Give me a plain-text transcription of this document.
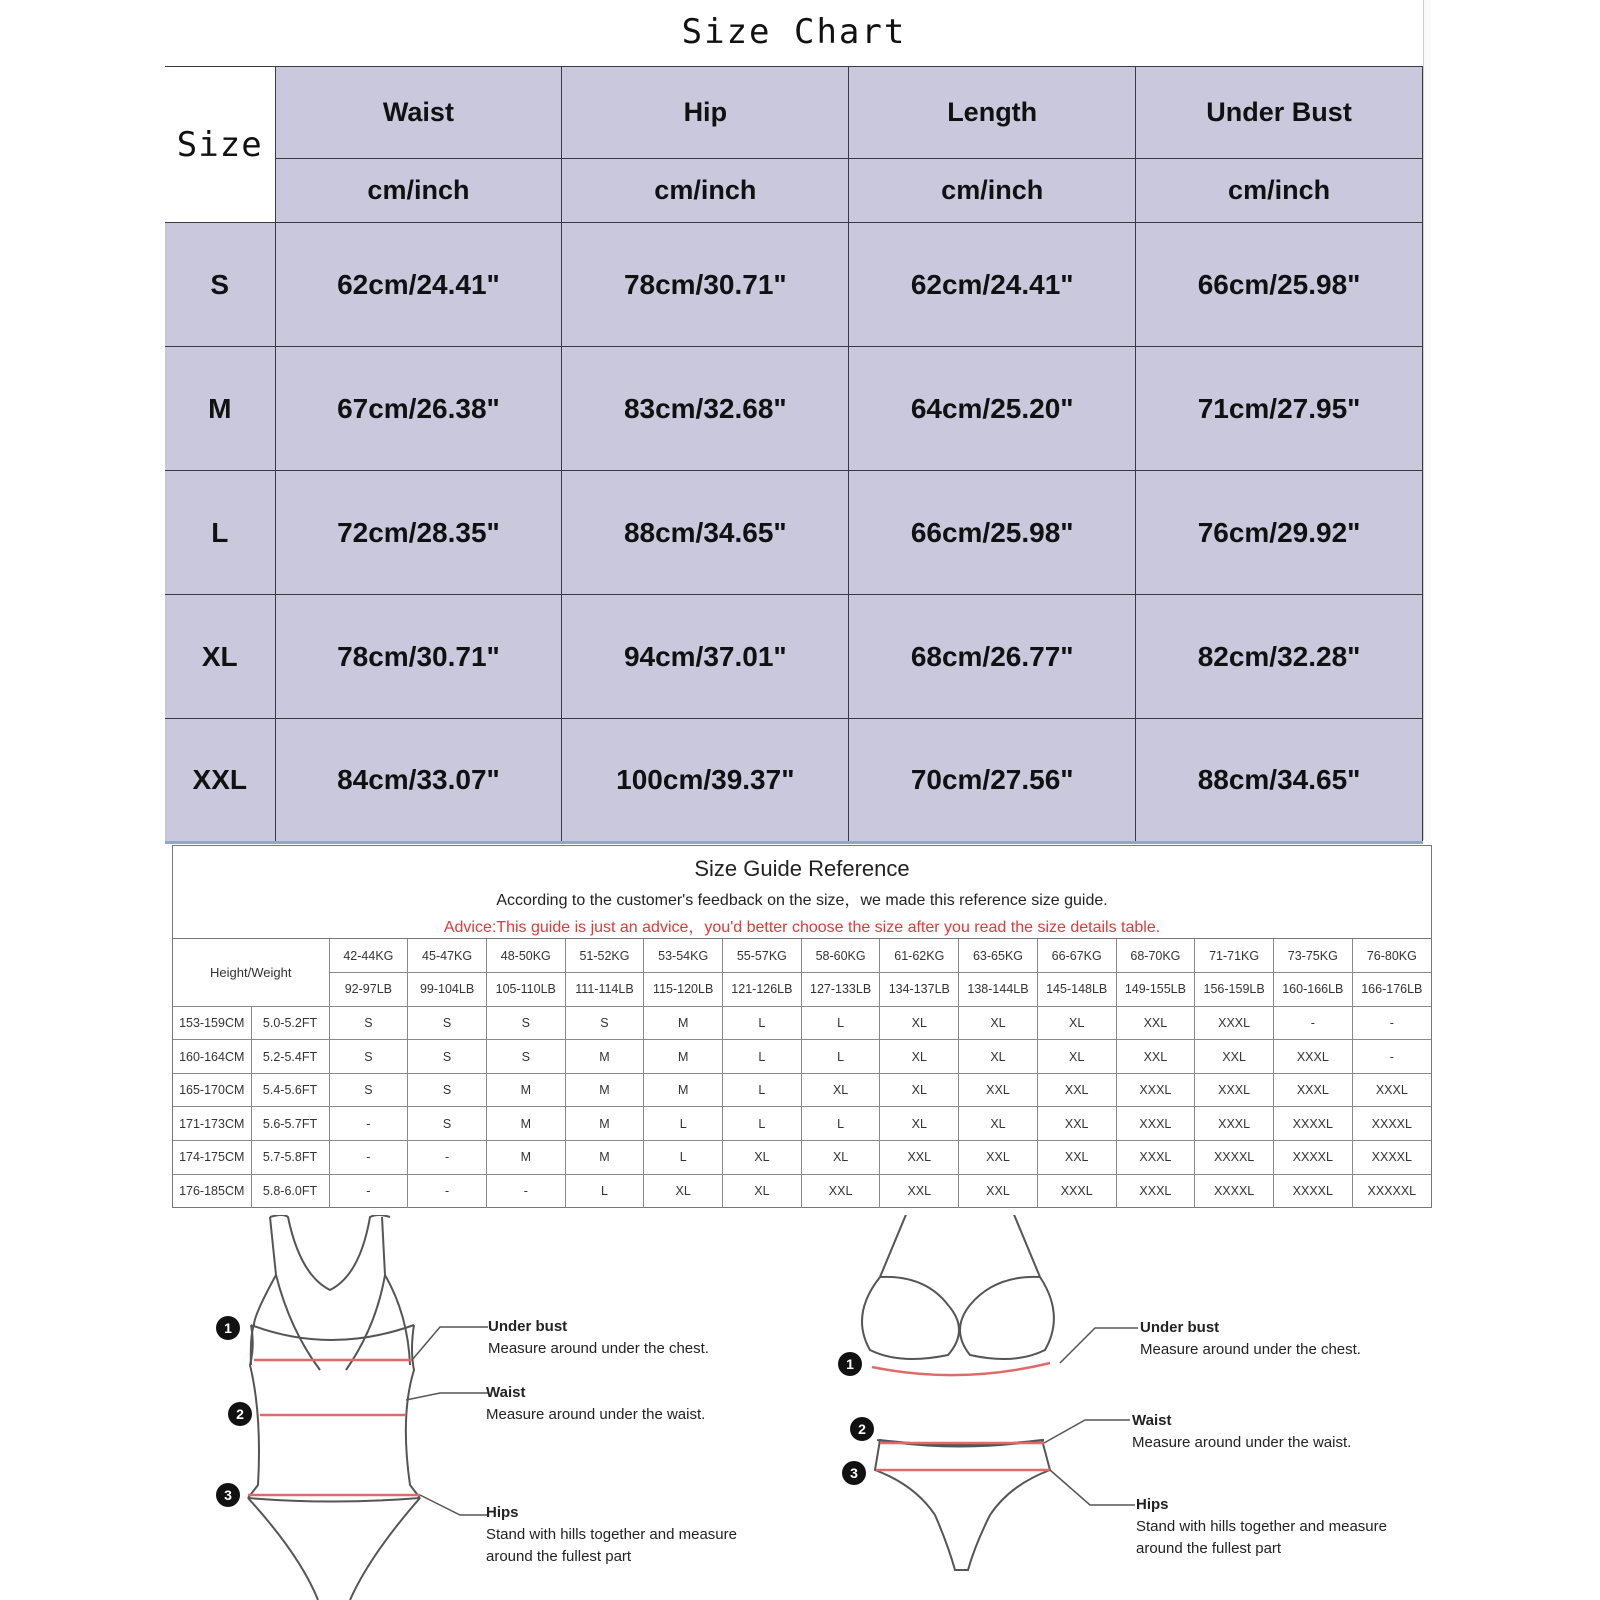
Size Chart
Size	Waist	Hip	Length	Under Bust
	cm/inch	cm/inch	cm/inch	cm/inch
S	62cm/24.41"	78cm/30.71"	62cm/24.41"	66cm/25.98"
M	67cm/26.38"	83cm/32.68"	64cm/25.20"	71cm/27.95"
L	72cm/28.35"	88cm/34.65"	66cm/25.98"	76cm/29.92"
XL	78cm/30.71"	94cm/37.01"	68cm/26.77"	82cm/32.28"
XXL	84cm/33.07"	100cm/39.37"	70cm/27.56"	88cm/34.65"
Size Guide Reference
According to the customer's feedback on the size，we made this reference size guide.
Advice:This guide is just an advice，you'd better choose the size after you read the size details table.
Height/Weight		42-44KG	45-47KG	48-50KG	51-52KG	53-54KG	55-57KG	58-60KG	61-62KG	63-65KG	66-67KG	68-70KG	71-71KG	73-75KG	76-80KG
		92-97LB	99-104LB	105-110LB	111-114LB	115-120LB	121-126LB	127-133LB	134-137LB	138-144LB	145-148LB	149-155LB	156-159LB	160-166LB	166-176LB
153-159CM	5.0-5.2FT	S	S	S	S	M	L	L	XL	XL	XL	XXL	XXXL	-	-
160-164CM	5.2-5.4FT	S	S	S	M	M	L	L	XL	XL	XL	XXL	XXL	XXXL	-
165-170CM	5.4-5.6FT	S	S	M	M	M	L	XL	XL	XXL	XXL	XXXL	XXXL	XXXL	XXXL
171-173CM	5.6-5.7FT	-	S	M	M	L	L	L	XL	XL	XXL	XXXL	XXXL	XXXXL	XXXXL
174-175CM	5.7-5.8FT	-	-	M	M	L	XL	XL	XXL	XXL	XXL	XXXL	XXXXL	XXXXL	XXXXL
176-185CM	5.8-6.0FT	-	-	-	L	XL	XL	XXL	XXL	XXL	XXXL	XXXL	XXXXL	XXXXL	XXXXXL
1
2
3
Under bust
Measure around under the chest.
Waist
Measure around under the waist.
Hips
Stand with hills together and measure around the fullest part
1
2
3
Under bust
Measure around under the chest.
Waist
Measure around under the waist.
Hips
Stand with hills together and measure around the fullest part
